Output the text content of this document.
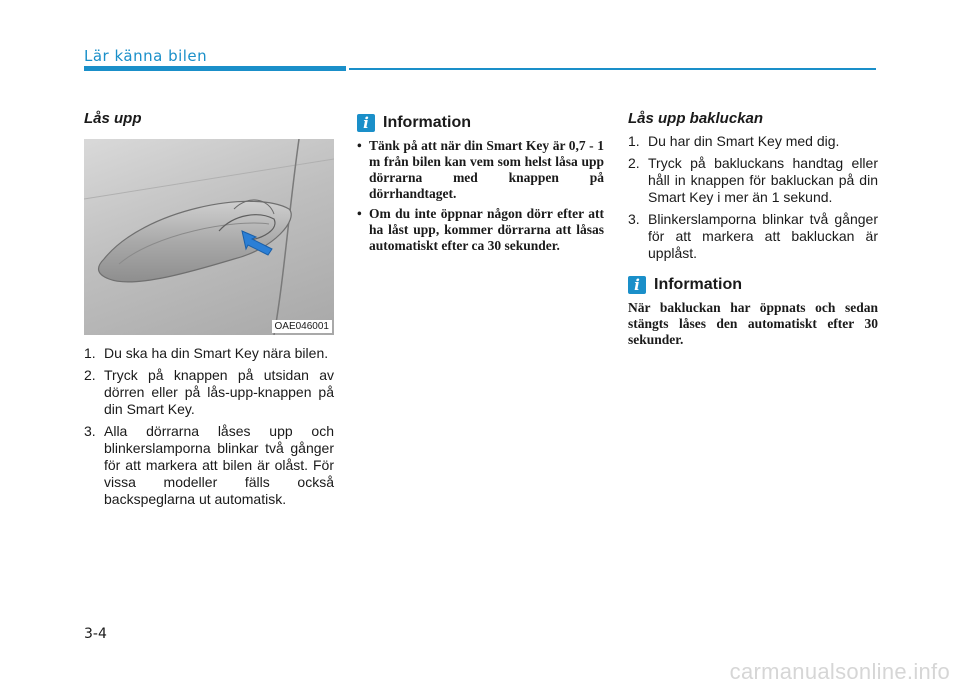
Lär känna bilen
Lås upp
OAE046001
1. Du ska ha din Smart Key nära bilen.
2. Tryck på knappen på utsidan av dörren eller på lås-upp-knappen på din Smart Key.
3. Alla dörrarna låses upp och blinkerslamporna blinkar två gånger för att markera att bilen är olåst. För vissa modeller fälls också backspeglarna ut automatisk.
i Information
• Tänk på att när din Smart Key är 0,7 - 1 m från bilen kan vem som helst låsa upp dörrarna med knappen på dörrhandtaget.
• Om du inte öppnar någon dörr efter att ha låst upp, kommer dörrarna att låsas automatiskt efter ca 30 sekunder.
Lås upp bakluckan
1. Du har din Smart Key med dig.
2. Tryck på bakluckans handtag eller håll in knappen för bakluckan på din Smart Key i mer än 1 sekund.
3. Blinkerslamporna blinkar två gånger för att markera att bakluckan är upplåst.
i Information

När bakluckan har öppnats och sedan stängts låses den automatiskt efter 30 sekunder.

3-4
carmanualsonline.info
